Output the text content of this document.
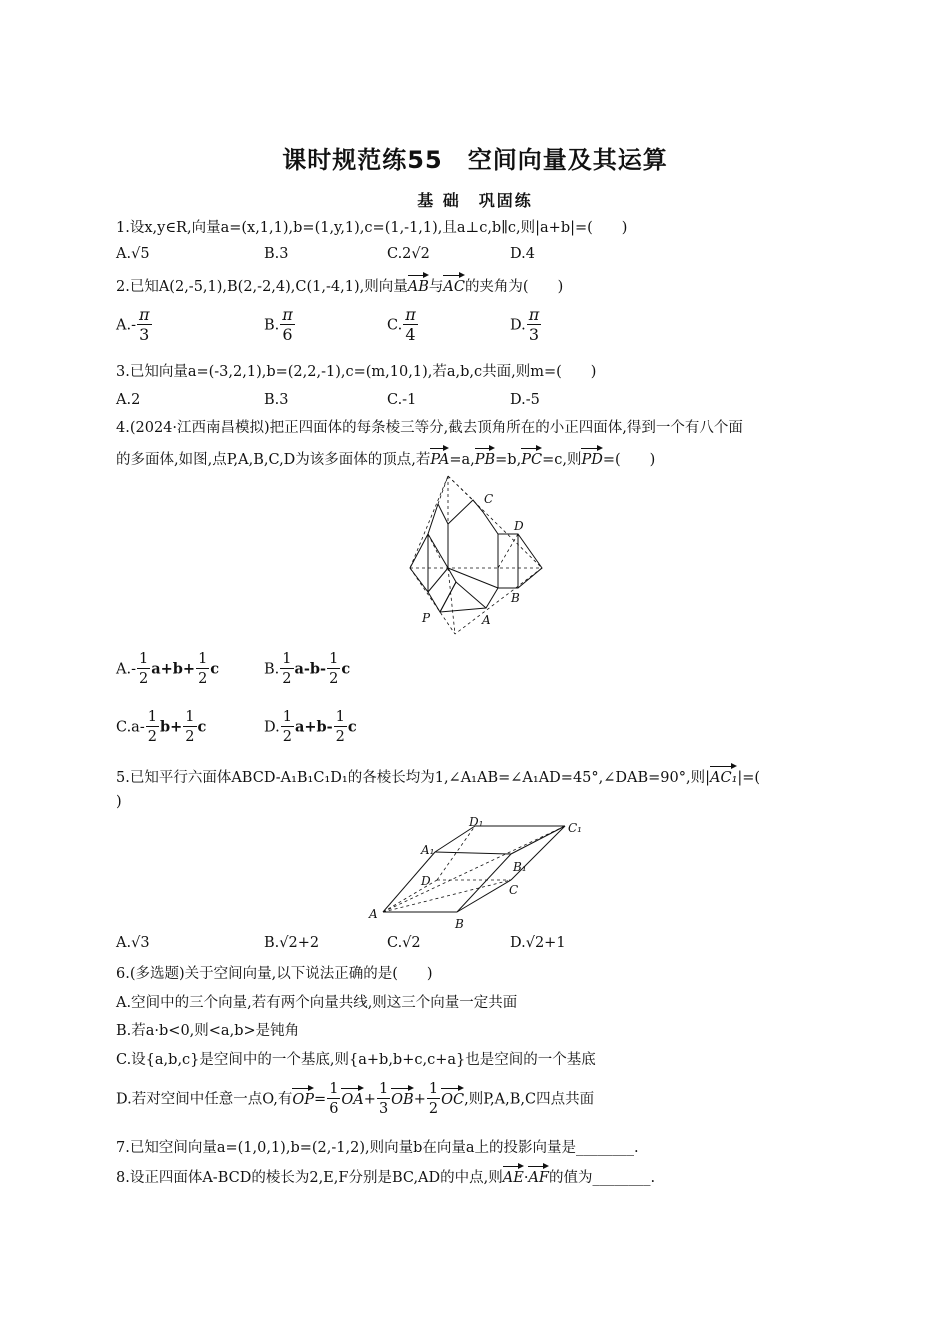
课时规范练55　空间向量及其运算
基 础　巩固练
1.设x,y∈R,向量a=(x,1,1),b=(1,y,1),c=(1,-1,1),且a⊥c,b∥c,则|a+b|=(　　)
A.√5	B.3	C.2√2	D.4
2.已知A(2,-5,1),B(2,-2,4),C(1,-4,1),则向量AB与AC的夹角为(　　)
$A.- \frac{\pi}{3}$	B. $\frac{\pi}{6}$	C. $\frac{\pi}{4}$	D. $\frac{\pi}{3}$
3.已知向量a=(-3,2,1),b=(2,2,-1),c=(m,10,1),若a,b,c共面,则m=(　　)
A.2	B.3	C.-1	D.-5
4.(2024·江西南昌模拟)把正四面体的每条棱三等分,截去顶角所在的小正四面体,得到一个有八个面
的多面体,如图,点P,A,B,C,D为该多面体的顶点,若PA=a,PB=b,PC=c,则PD=(　　)
C
D
B
P	A
$A.- \frac{1}{2} a+b+ \frac{1}{2}$ c	B. $\frac{1}{2} a-b- \frac{1}{2}$ c
$C.a- \frac{1}{2} b+ \frac{1}{2}$ c	D. $\frac{1}{2} a+b- \frac{1}{2}$ c
5.已知平行六面体ABCD-A₁B₁C₁D₁的各棱长均为1,∠A₁AB=∠A₁AD=45°,∠DAB=90°,则|AC₁|=(
)
D₁	C₁
A₁
B₁
D
C
A
B
A.√3	B.√2+2	C.√2	D.√2+1
6.(多选题)关于空间向量,以下说法正确的是(　　)
A.空间中的三个向量,若有两个向量共线,则这三个向量一定共面
B.若a·b<0,则<a,b>是钝角
C.设{a,b,c}是空间中的一个基底,则{a+b,b+c,c+a}也是空间的一个基底
D.若对空间中任意一点O,有$OP= \frac{1}{6} OA+ \frac{1}{3} OB+ \frac{1}{2}$ OC,则P,A,B,C四点共面
7.已知空间向量a=(1,0,1),b=(2,-1,2),则向量b在向量a上的投影向量是________.
8.设正四面体A-BCD的棱长为2,E,F分别是BC,AD的中点,则AE·AF的值为________.
